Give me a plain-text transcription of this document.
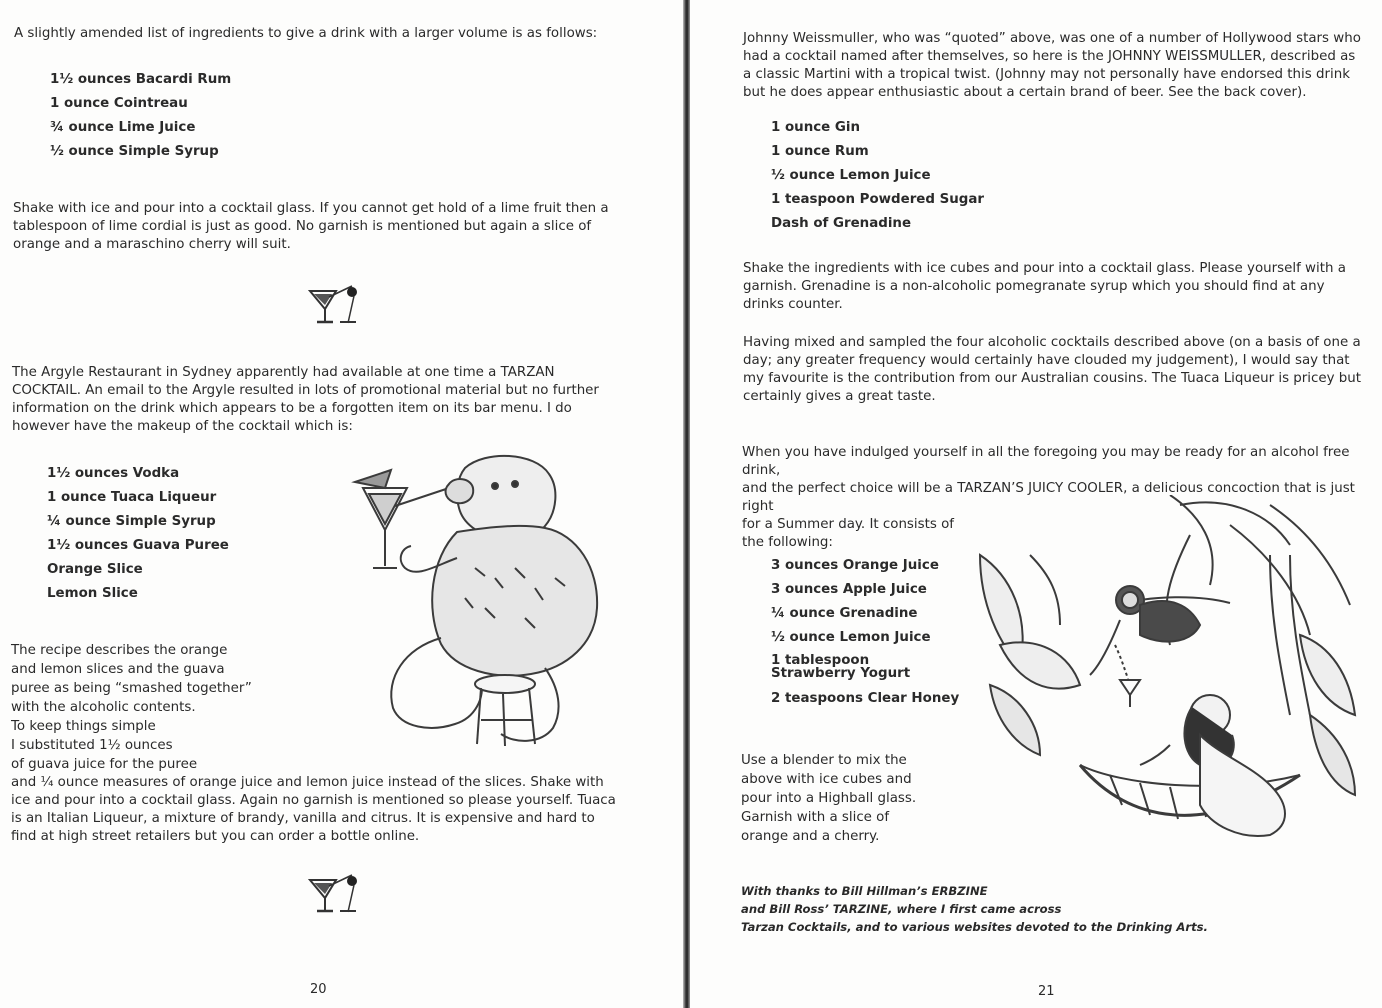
A slightly amended list of ingredients to give a drink with a larger volume is as follows:

1½ ounces Bacardi Rum
1 ounce Cointreau
¾ ounce Lime Juice
½ ounce Simple Syrup

Shake with ice and pour into a cocktail glass. If you cannot get hold of a lime fruit then a tablespoon of lime cordial is just as good. No garnish is mentioned but again a slice of orange and a maraschino cherry will suit.

The Argyle Restaurant in Sydney apparently had available at one time a TARZAN COCKTAIL. An email to the Argyle resulted in lots of promotional material but no further information on the drink which appears to be a forgotten item on its bar menu. I do however have the makeup of the cocktail which is:

1½ ounces Vodka
1 ounce Tuaca Liqueur
¼ ounce Simple Syrup
1½ ounces Guava Puree
Orange Slice
Lemon Slice
The recipe describes the orange
and lemon slices and the guava
puree as being “smashed together”
with the alcoholic contents.
To keep things simple
I substituted 1½ ounces
of guava juice for the puree

and ¼ ounce measures of orange juice and lemon juice instead of the slices. Shake with ice and pour into a cocktail glass. Again no garnish is mentioned so please yourself. Tuaca is an Italian Liqueur, a mixture of brandy, vanilla and citrus. It is expensive and hard to find at high street retailers but you can order a bottle online.

20

Johnny Weissmuller, who was “quoted” above, was one of a number of Hollywood stars who had a cocktail named after themselves, so here is the JOHNNY WEISSMULLER, described as a classic Martini with a tropical twist. (Johnny may not personally have endorsed this drink but he does appear enthusiastic about a certain brand of beer. See the back cover).

1 ounce Gin
1 ounce Rum
½ ounce Lemon Juice
1 teaspoon Powdered Sugar
Dash of Grenadine

Shake the ingredients with ice cubes and pour into a cocktail glass. Please yourself with a garnish. Grenadine is a non-alcoholic pomegranate syrup which you should find at any drinks counter.

Having mixed and sampled the four alcoholic cocktails described above (on a basis of one a day; any greater frequency would certainly have clouded my judgement), I would say that my favourite is the contribution from our Australian cousins. The Tuaca Liqueur is pricey but certainly gives a great taste.

When you have indulged yourself in all the foregoing you may be ready for an alcohol free drink,
and the perfect choice will be a TARZAN’S JUICY COOLER, a delicious concoction that is just right
for a Summer day. It consists of
the following:
3 ounces Orange Juice
3 ounces Apple Juice
¼ ounce Grenadine
½ ounce Lemon Juice
1 tablespoon Strawberry Yogurt
2 teaspoons Clear Honey
Use a blender to mix the
above with ice cubes and
pour into a Highball glass.
Garnish with a slice of
orange and a cherry.
With thanks to Bill Hillman’s ERBZINE
and Bill Ross’ TARZINE, where I first came across
Tarzan Cocktails, and to various websites devoted to the Drinking Arts.
21
